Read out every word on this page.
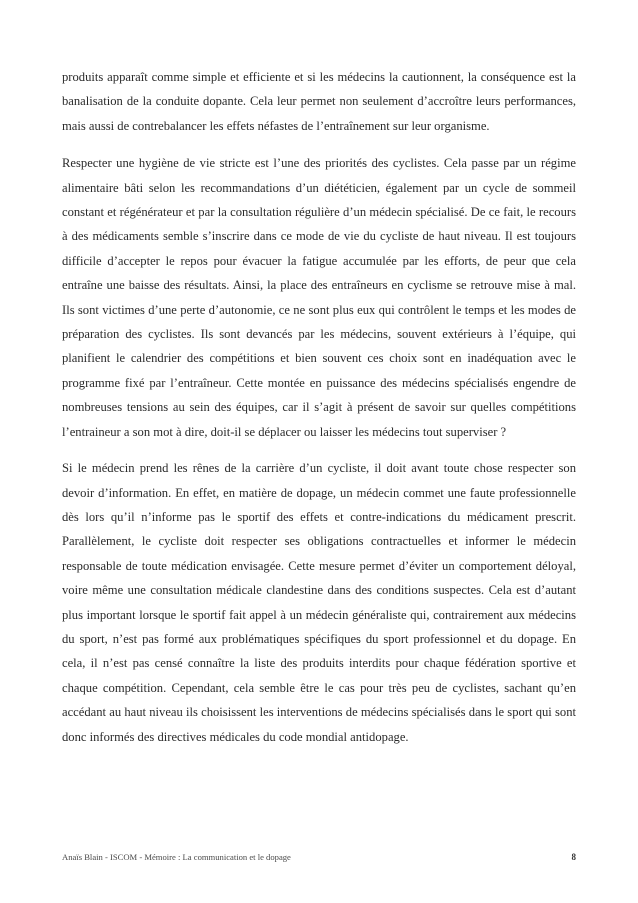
produits apparaît comme simple et efficiente et si les médecins la cautionnent, la conséquence est la banalisation de la conduite dopante. Cela leur permet non seulement d’accroître leurs performances, mais aussi de contrebalancer les effets néfastes de l’entraînement sur leur organisme.

Respecter une hygiène de vie stricte est l’une des priorités des cyclistes. Cela passe par un régime alimentaire bâti selon les recommandations d’un diététicien, également par un cycle de sommeil constant et régénérateur et par la consultation régulière d’un médecin spécialisé. De ce fait, le recours à des médicaments semble s’inscrire dans ce mode de vie du cycliste de haut niveau. Il est toujours difficile d’accepter le repos pour évacuer la fatigue accumulée par les efforts, de peur que cela entraîne une baisse des résultats. Ainsi, la place des entraîneurs en cyclisme se retrouve mise à mal. Ils sont victimes d’une perte d’autonomie, ce ne sont plus eux qui contrôlent le temps et les modes de préparation des cyclistes. Ils sont devancés par les médecins, souvent extérieurs à l’équipe, qui planifient le calendrier des compétitions et bien souvent ces choix sont en inadéquation avec le programme fixé par l’entraîneur. Cette montée en puissance des médecins spécialisés engendre de nombreuses tensions au sein des équipes, car il s’agit à présent de savoir sur quelles compétitions l’entraineur a son mot à dire, doit-il se déplacer ou laisser les médecins tout superviser ?

Si le médecin prend les rênes de la carrière d’un cycliste, il doit avant toute chose respecter son devoir d’information. En effet, en matière de dopage, un médecin commet une faute professionnelle dès lors qu’il n’informe pas le sportif des effets et contre-indications du médicament prescrit. Parallèlement, le cycliste doit respecter ses obligations contractuelles et informer le médecin responsable de toute médication envisagée. Cette mesure permet d’éviter un comportement déloyal, voire même une consultation médicale clandestine dans des conditions suspectes. Cela est d’autant plus important lorsque le sportif fait appel à un médecin généraliste qui, contrairement aux médecins du sport, n’est pas formé aux problématiques spécifiques du sport professionnel et du dopage. En cela, il n’est pas censé connaître la liste des produits interdits pour chaque fédération sportive et chaque compétition. Cependant, cela semble être le cas pour très peu de cyclistes, sachant qu’en accédant au haut niveau ils choisissent les interventions de médecins spécialisés dans le sport qui sont donc informés des directives médicales du code mondial antidopage.

Anaïs Blain - ISCOM - Mémoire : La communication et le dopage	8
